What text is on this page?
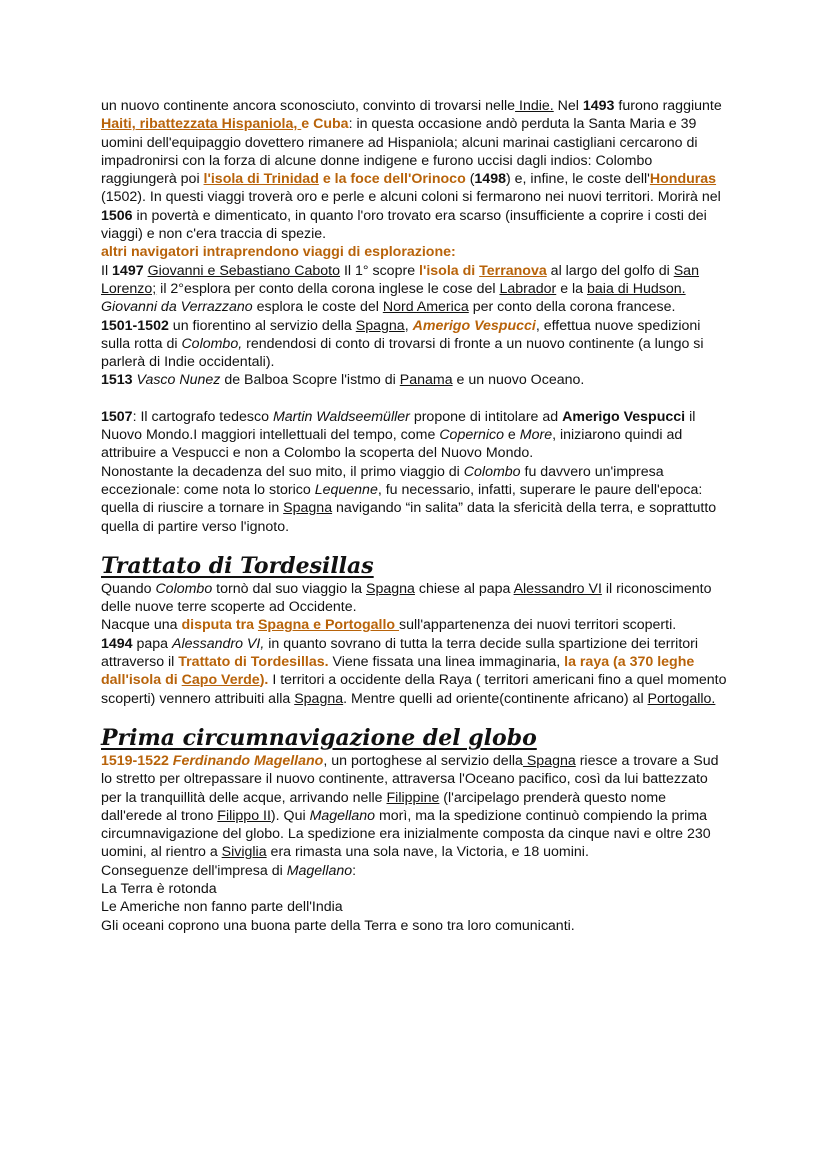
un nuovo continente ancora sconosciuto, convinto di trovarsi nelle Indie. Nel 1493 furono raggiunte Haiti, ribattezzata Hispaniola, e Cuba: in questa occasione andò perduta la Santa Maria e 39 uomini dell'equipaggio dovettero rimanere ad Hispaniola; alcuni marinai castigliani cercarono di impadronirsi con la forza di alcune donne indigene e furono uccisi dagli indios: Colombo raggiungerà poi l'isola di Trinidad e la foce dell'Orinoco (1498) e, infine, le coste dell'Honduras (1502). In questi viaggi troverà oro e perle e alcuni coloni si fermarono nei nuovi territori. Morirà nel 1506 in povertà e dimenticato, in quanto l'oro trovato era scarso (insufficiente a coprire i costi dei viaggi) e non c'era traccia di spezie.

altri navigatori intraprendono viaggi di esplorazione:

Il 1497 Giovanni e Sebastiano Caboto Il 1° scopre l'isola di Terranova al largo del golfo di San Lorenzo; il 2°esplora per conto della corona inglese le cose del Labrador e la baia di Hudson. Giovanni da Verrazzano esplora le coste del Nord America per conto della corona francese.

1501-1502 un fiorentino al servizio della Spagna, Amerigo Vespucci, effettua nuove spedizioni sulla rotta di Colombo, rendendosi di conto di trovarsi di fronte a un nuovo continente (a lungo si parlerà di Indie occidentali).

1513 Vasco Nunez de Balboa Scopre l'istmo di Panama e un nuovo Oceano.

1507: Il cartografo tedesco Martin Waldseemüller propone di intitolare ad Amerigo Vespucci il Nuovo Mondo.I maggiori intellettuali del tempo, come Copernico e More, iniziarono quindi ad attribuire a Vespucci e non a Colombo la scoperta del Nuovo Mondo.

Nonostante la decadenza del suo mito, il primo viaggio di Colombo fu davvero un'impresa eccezionale: come nota lo storico Lequenne, fu necessario, infatti, superare le paure dell'epoca: quella di riuscire a tornare in Spagna navigando “in salita” data la sfericità della terra, e soprattutto quella di partire verso l'ignoto.

Trattato di Tordesillas

Quando Colombo tornò dal suo viaggio la Spagna chiese al papa Alessandro VI il riconoscimento delle nuove terre scoperte ad Occidente.

Nacque una disputa tra Spagna e Portogallo sull'appartenenza dei nuovi territori scoperti.

1494 papa Alessandro VI, in quanto sovrano di tutta la terra decide sulla spartizione dei territori attraverso il Trattato di Tordesillas. Viene fissata una linea immaginaria, la raya (a 370 leghe dall'isola di Capo Verde). I territori a occidente della Raya ( territori americani fino a quel momento scoperti) vennero attribuiti alla Spagna. Mentre quelli ad oriente(continente africano) al Portogallo.

Prima circumnavigazione del globo

1519-1522 Ferdinando Magellano, un portoghese al servizio della Spagna riesce a trovare a Sud lo stretto per oltrepassare il nuovo continente, attraversa l'Oceano pacifico, così da lui battezzato per la tranquillità delle acque, arrivando nelle Filippine (l'arcipelago prenderà questo nome dall'erede al trono Filippo II). Qui Magellano morì, ma la spedizione continuò compiendo la prima circumnavigazione del globo. La spedizione era inizialmente composta da cinque navi e oltre 230 uomini, al rientro a Siviglia era rimasta una sola nave, la Victoria, e 18 uomini.

Conseguenze dell'impresa di Magellano:

La Terra è rotonda

Le Americhe non fanno parte dell'India

Gli oceani coprono una buona parte della Terra e sono tra loro comunicanti.
